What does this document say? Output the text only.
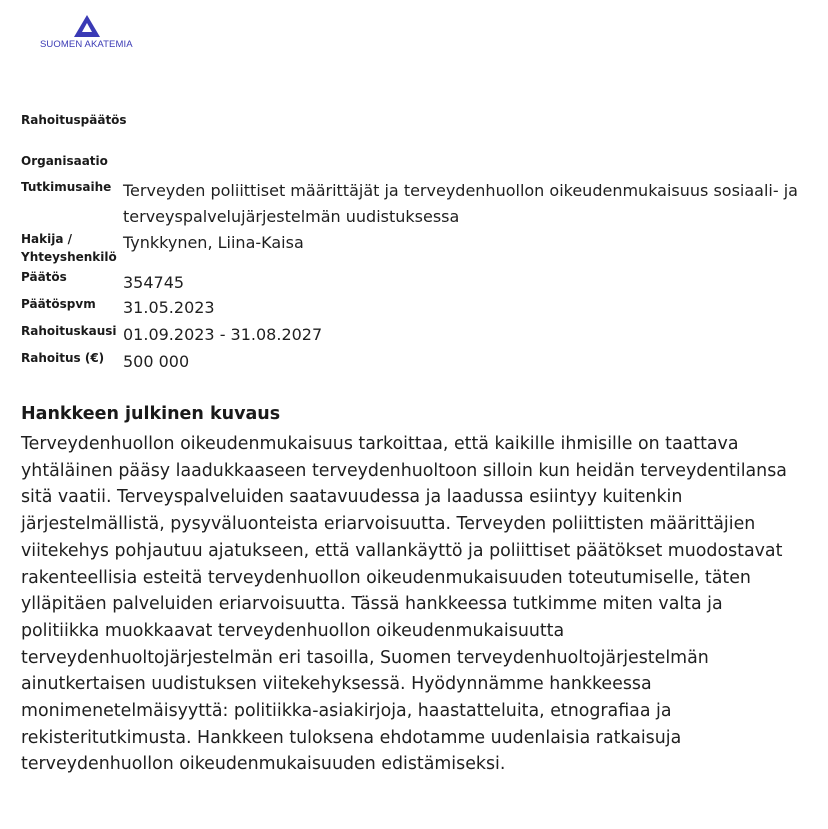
SUOMEN AKATEMIA
Rahoituspäätös
Organisaatio
Tutkimusaihe Terveyden poliittiset määrittäjät ja terveydenhuollon oikeudenmukaisuus sosiaali- ja terveyspalvelujärjestelmän uudistuksessa
Hakija /
Yhteyshenkilö
Tynkkynen, Liina-Kaisa
Päätös	354745
Päätöspvm	31.05.2023
Rahoituskausi 01.09.2023 - 31.08.2027
Rahoitus (€)	500 000
Hankkeen julkinen kuvaus
Terveydenhuollon oikeudenmukaisuus tarkoittaa, että kaikille ihmisille on taattava
yhtäläinen pääsy laadukkaaseen terveydenhuoltoon silloin kun heidän terveydentilansa
sitä vaatii. Terveyspalveluiden saatavuudessa ja laadussa esiintyy kuitenkin
järjestelmällistä, pysyväluonteista eriarvoisuutta. Terveyden poliittisten määrittäjien
viitekehys pohjautuu ajatukseen, että vallankäyttö ja poliittiset päätökset muodostavat
rakenteellisia esteitä terveydenhuollon oikeudenmukaisuuden toteutumiselle, täten
ylläpitäen palveluiden eriarvoisuutta. Tässä hankkeessa tutkimme miten valta ja
politiikka muokkaavat terveydenhuollon oikeudenmukaisuutta
terveydenhuoltojärjestelmän eri tasoilla, Suomen terveydenhuoltojärjestelmän
ainutkertaisen uudistuksen viitekehyksessä. Hyödynnämme hankkeessa
monimenetelmäisyyttä: politiikka-asiakirjoja, haastatteluita, etnografiaa ja
rekisteritutkimusta. Hankkeen tuloksena ehdotamme uudenlaisia ratkaisuja
terveydenhuollon oikeudenmukaisuuden edistämiseksi.
